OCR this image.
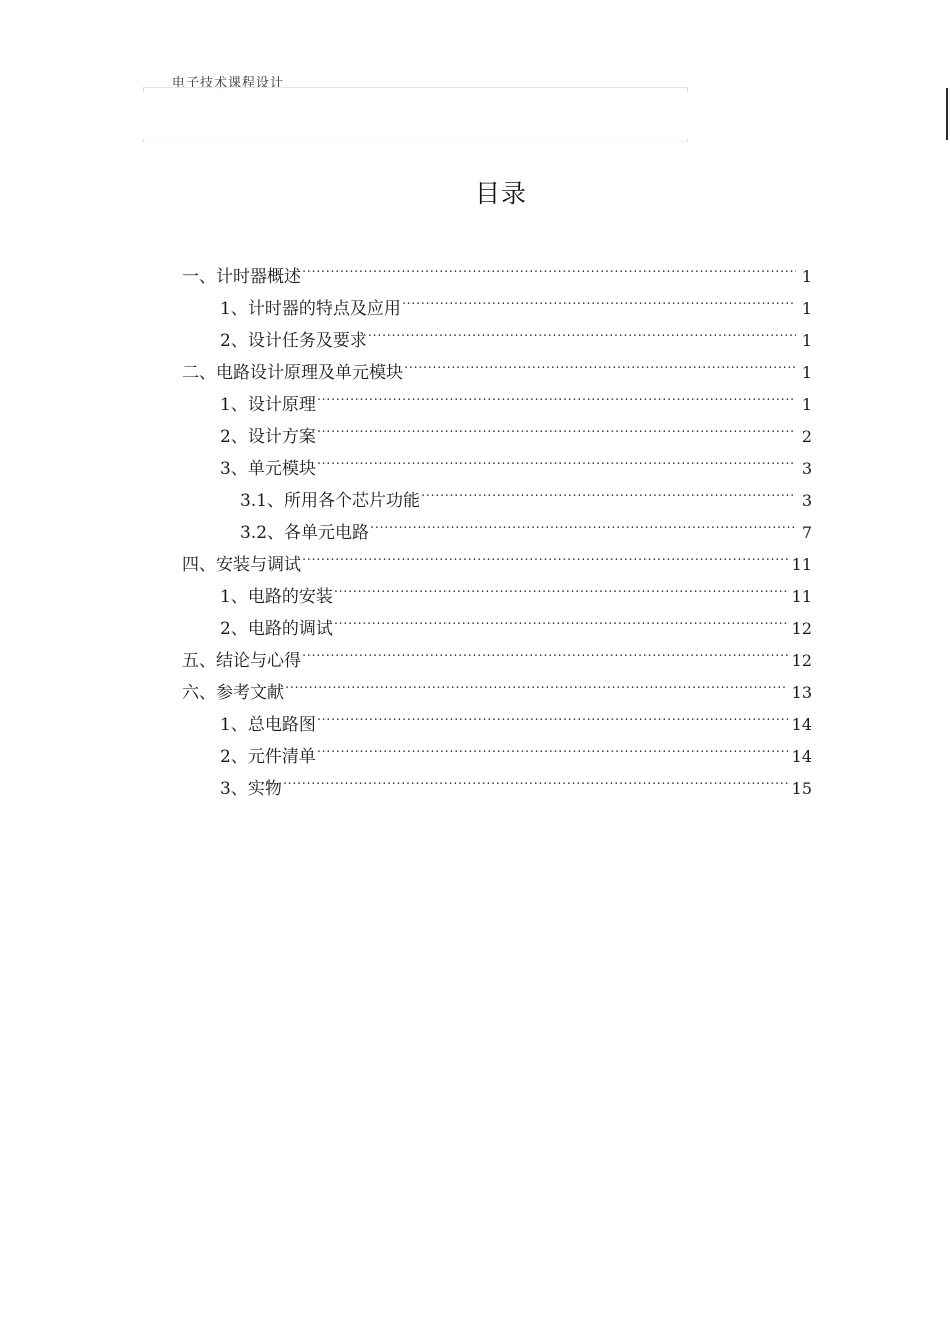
电子技术课程设计
目录
一、计时器概述 .....	1
1、计时器的特点及应用 .....	1
2、设计任务及要求 .....	1
二、电路设计原理及单元模块 .....	1
1、设计原理 .....	1
2、设计方案 .....	2
3、单元模块 .....	3
3.1、所用各个芯片功能 .....	3
3.2、各单元电路 .....	7
四、安装与调试 .....	11
1、电路的安装 .....	11
2、电路的调试 .....	12
五、结论与心得 .....	12
六、参考文献 .....	13
1、总电路图 .....	14
2、元件清单 .....	14
3、实物 .....	15
